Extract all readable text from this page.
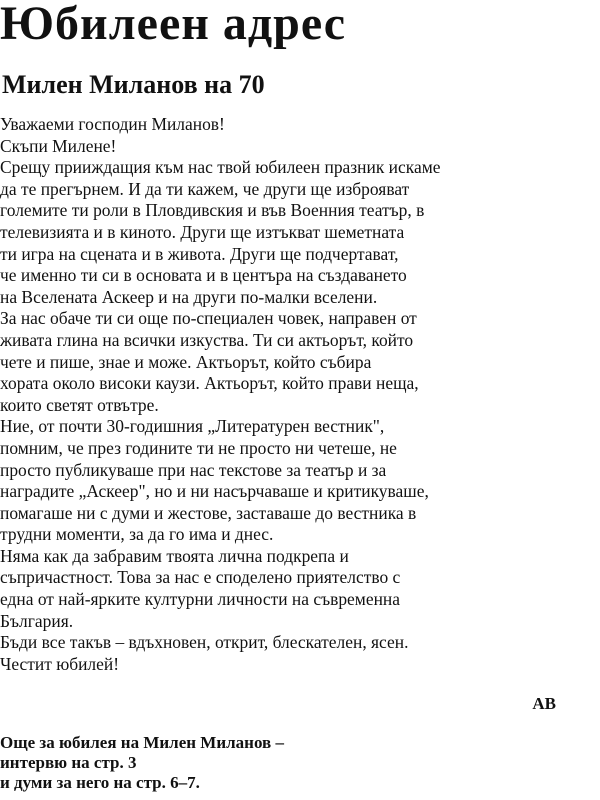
Юбилеен адрес
Милен Миланов на 70
Уважаеми господин Миланов!
Скъпи Милене!
Срещу прииждащия към нас твой юбилеен празник искаме
да те прегърнем. И да ти кажем, че други ще изброяват
големите ти роли в Пловдивския и във Военния театър, в
телевизията и в киното. Други ще изтъкват шеметната
ти игра на сцената и в живота. Други ще подчертават,
че именно ти си в основата и в центъра на създаването
на Вселената Аскеер и на други по-малки вселени.
За нас обаче ти си още по-специален човек, направен от
живата глина на всички изкуства. Ти си актьорът, който
чете и пише, знае и може. Актьорът, който събира
хората около високи каузи. Актьорът, който прави неща,
които светят отвътре.
Ние, от почти 30-годишния „Литературен вестник",
помним, че през годините ти не просто ни четеше, не
просто публикуваше при нас текстове за театър и за
наградите „Аскеер", но и ни насърчаваше и критикуваше,
помагаше ни с думи и жестове, заставаше до вестника в
трудни моменти, за да го има и днес.
Няма как да забравим твоята лична подкрепа и
съпричастност. Това за нас е споделено приятелство с
една от най-ярките културни личности на съвременна
България.
Бъди все такъв – вдъхновен, открит, блескателен, ясен.
Честит юбилей!
АВ
Още за юбилея на Милен Миланов –
интервю на стр. 3
и думи за него на стр. 6–7.
